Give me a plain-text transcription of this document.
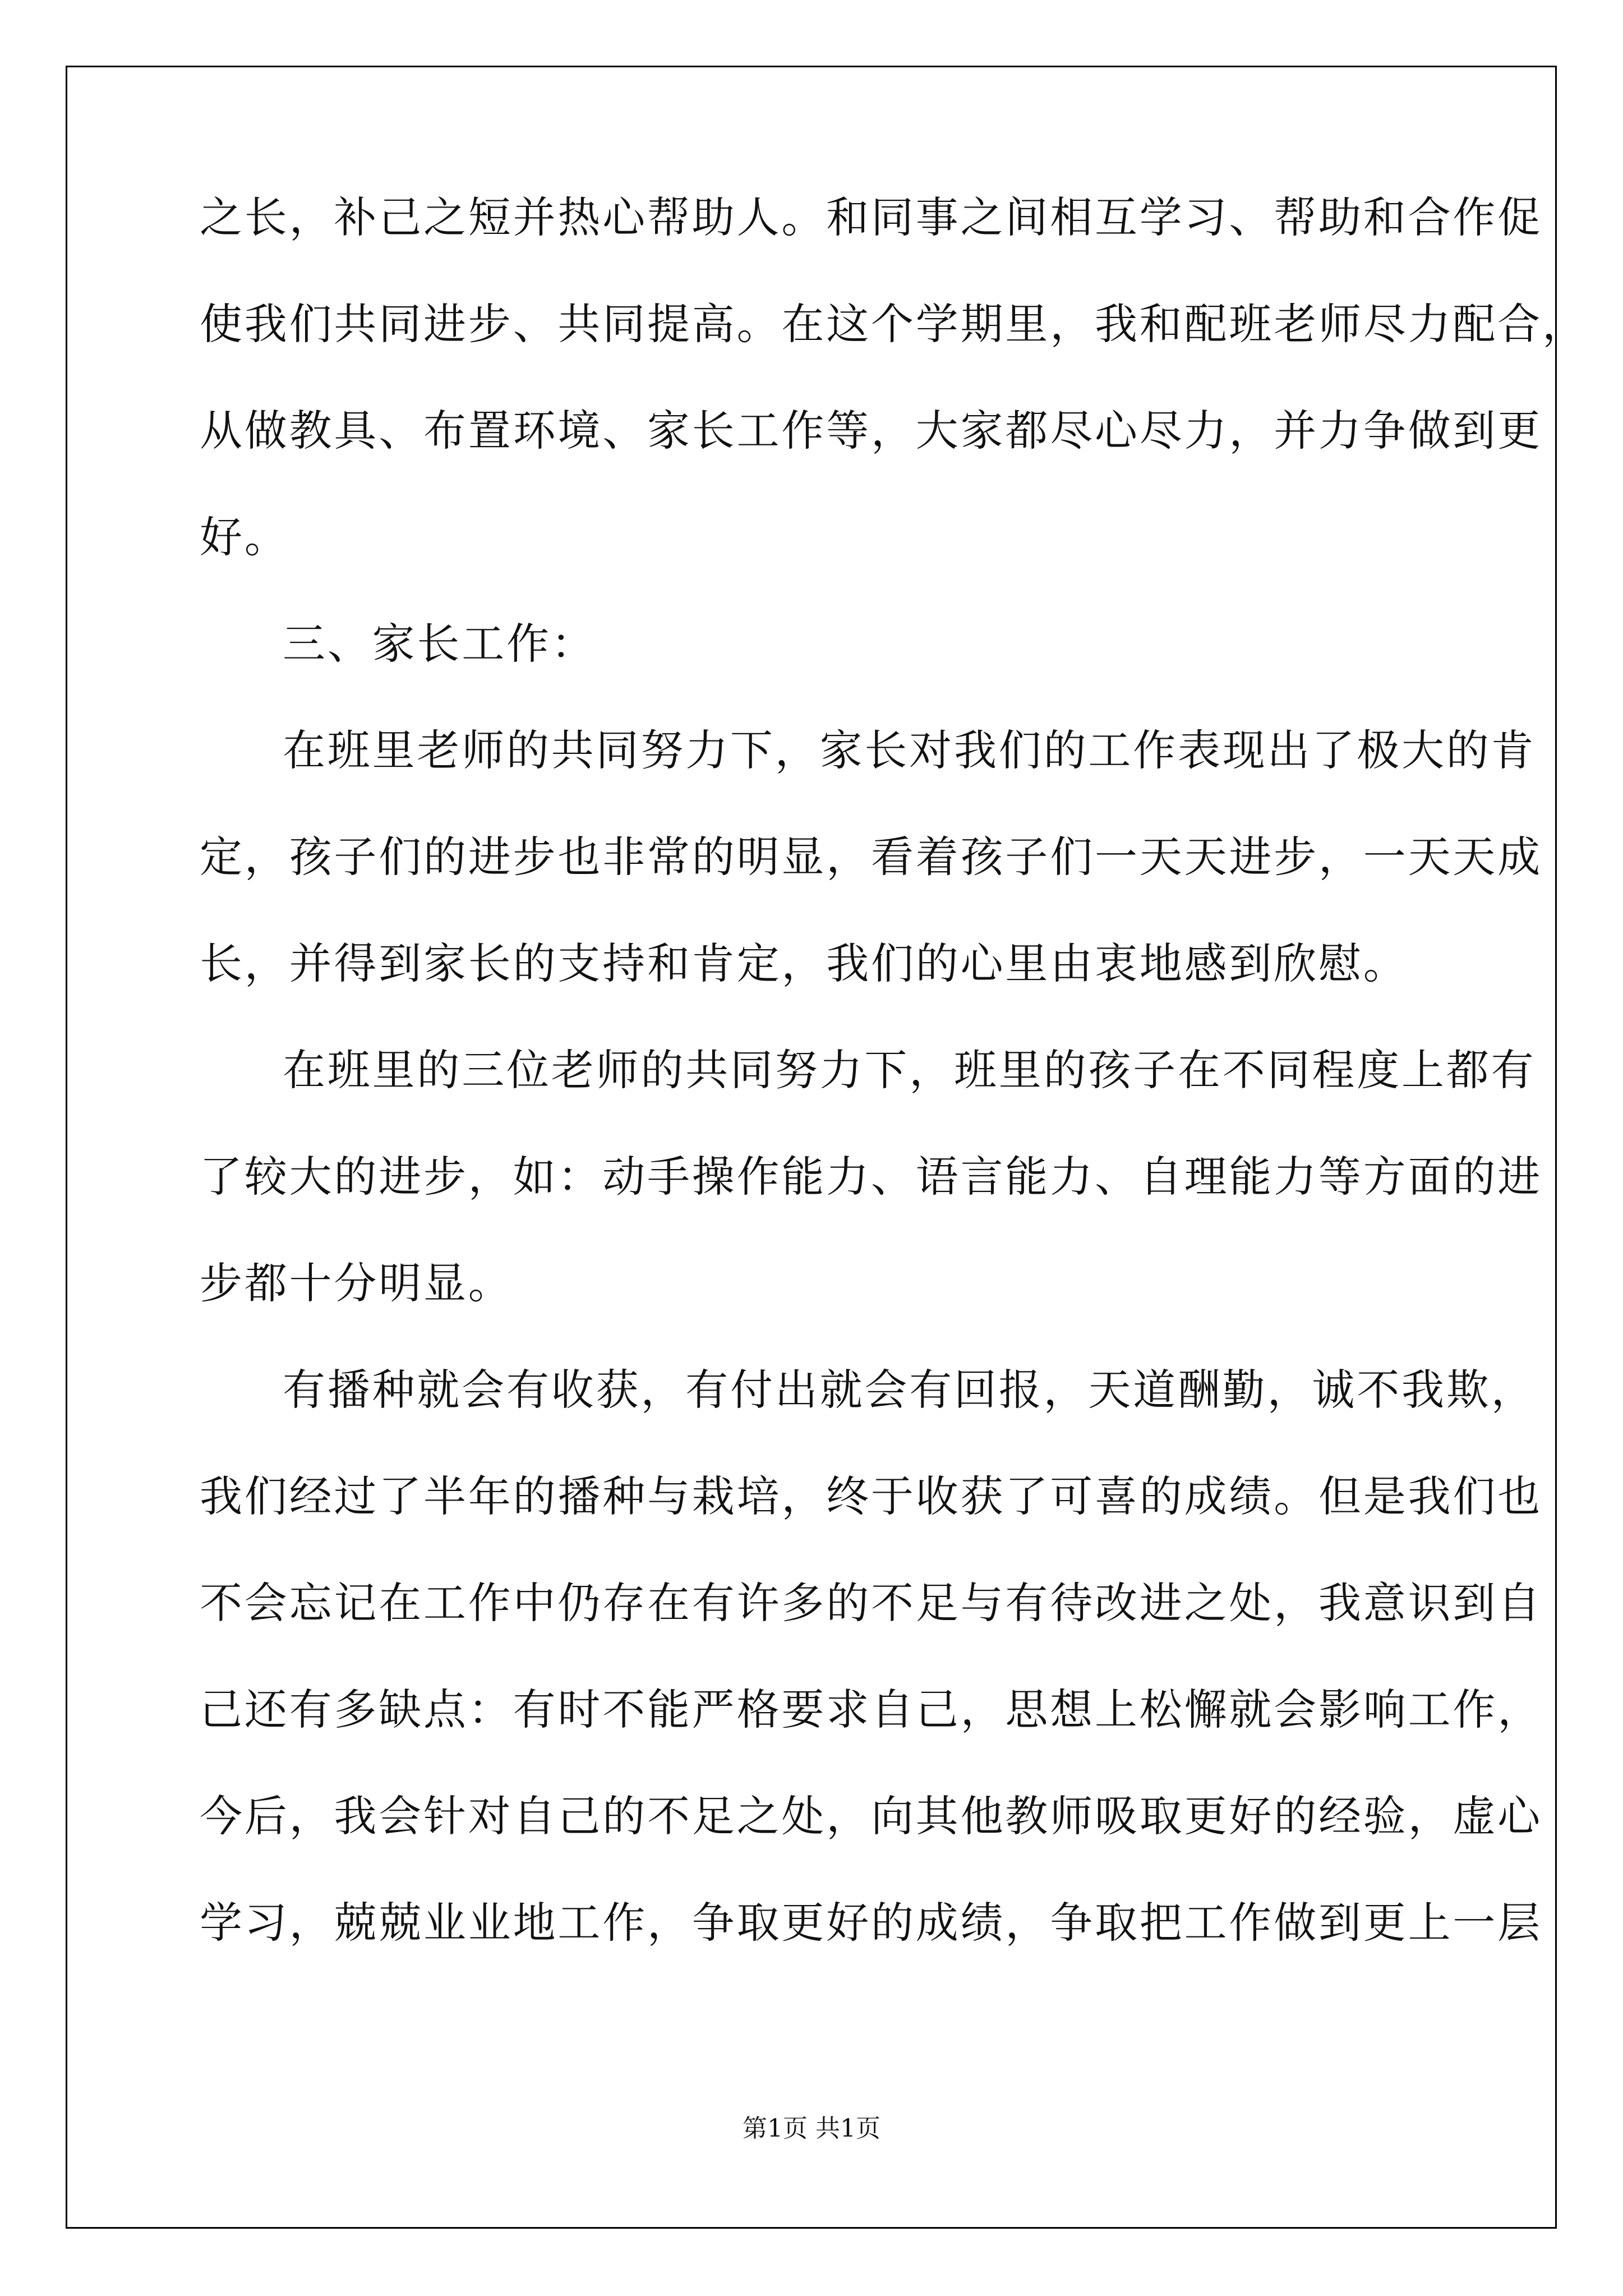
之长，补己之短并热心帮助人。和同事之间相互学习、帮助和合作促
使我们共同进步、共同提高。在这个学期里，我和配班老师尽力配合，
从做教具、布置环境、家长工作等，大家都尽心尽力，并力争做到更
好。
三、家长工作：
在班里老师的共同努力下，家长对我们的工作表现出了极大的肯
定，孩子们的进步也非常的明显，看着孩子们一天天进步，一天天成
长，并得到家长的支持和肯定，我们的心里由衷地感到欣慰。
在班里的三位老师的共同努力下，班里的孩子在不同程度上都有
了较大的进步，如：动手操作能力、语言能力、自理能力等方面的进
步都十分明显。
有播种就会有收获，有付出就会有回报，天道酬勤，诚不我欺，
我们经过了半年的播种与栽培，终于收获了可喜的成绩。但是我们也
不会忘记在工作中仍存在有许多的不足与有待改进之处，我意识到自
己还有多缺点：有时不能严格要求自己，思想上松懈就会影响工作，
今后，我会针对自己的不足之处，向其他教师吸取更好的经验，虚心
学习，兢兢业业地工作，争取更好的成绩，争取把工作做到更上一层
第1页 共1页
